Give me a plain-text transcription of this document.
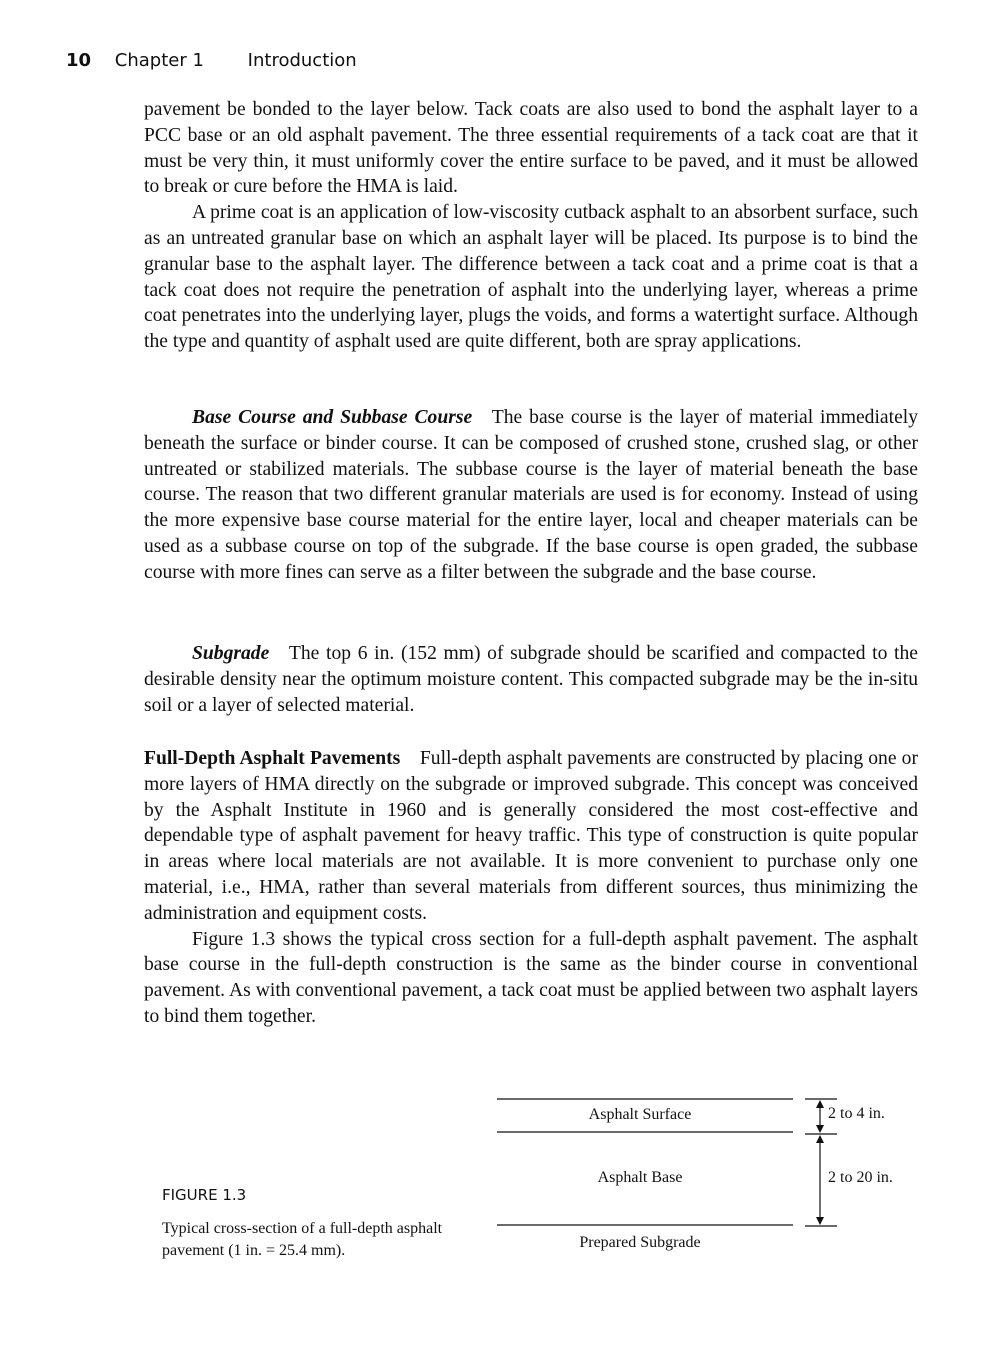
10 Chapter 1 Introduction

pavement be bonded to the layer below. Tack coats are also used to bond the asphalt layer to a PCC base or an old asphalt pavement. The three essential requirements of a tack coat are that it must be very thin, it must uniformly cover the entire surface to be paved, and it must be allowed to break or cure before the HMA is laid.

A prime coat is an application of low-viscosity cutback asphalt to an absorbent surface, such as an untreated granular base on which an asphalt layer will be placed. Its purpose is to bind the granular base to the asphalt layer. The difference between a tack coat and a prime coat is that a tack coat does not require the penetration of asphalt into the underlying layer, whereas a prime coat penetrates into the underlying layer, plugs the voids, and forms a watertight surface. Although the type and quantity of asphalt used are quite different, both are spray applications.

Base Course and Subbase Course  The base course is the layer of material immediately beneath the surface or binder course. It can be composed of crushed stone, crushed slag, or other untreated or stabilized materials. The subbase course is the layer of material beneath the base course. The reason that two different granular materials are used is for economy. Instead of using the more expensive base course material for the entire layer, local and cheaper materials can be used as a subbase course on top of the subgrade. If the base course is open graded, the subbase course with more fines can serve as a filter between the subgrade and the base course.

Subgrade  The top 6 in. (152 mm) of subgrade should be scarified and compacted to the desirable density near the optimum moisture content. This compacted subgrade may be the in-situ soil or a layer of selected material.

Full-Depth Asphalt Pavements  Full-depth asphalt pavements are constructed by placing one or more layers of HMA directly on the subgrade or improved subgrade. This concept was conceived by the Asphalt Institute in 1960 and is generally considered the most cost-effective and dependable type of asphalt pavement for heavy traffic. This type of construction is quite popular in areas where local materials are not available. It is more convenient to purchase only one material, i.e., HMA, rather than several materials from different sources, thus minimizing the administration and equipment costs.

Figure 1.3 shows the typical cross section for a full-depth asphalt pavement. The asphalt base course in the full-depth construction is the same as the binder course in conventional pavement. As with conventional pavement, a tack coat must be applied between two asphalt layers to bind them together.

FIGURE 1.3
Typical cross-section of a full-depth asphalt pavement (1 in. = 25.4 mm).
Asphalt Surface
Asphalt Base
Prepared Subgrade
2 to 4 in.
2 to 20 in.
